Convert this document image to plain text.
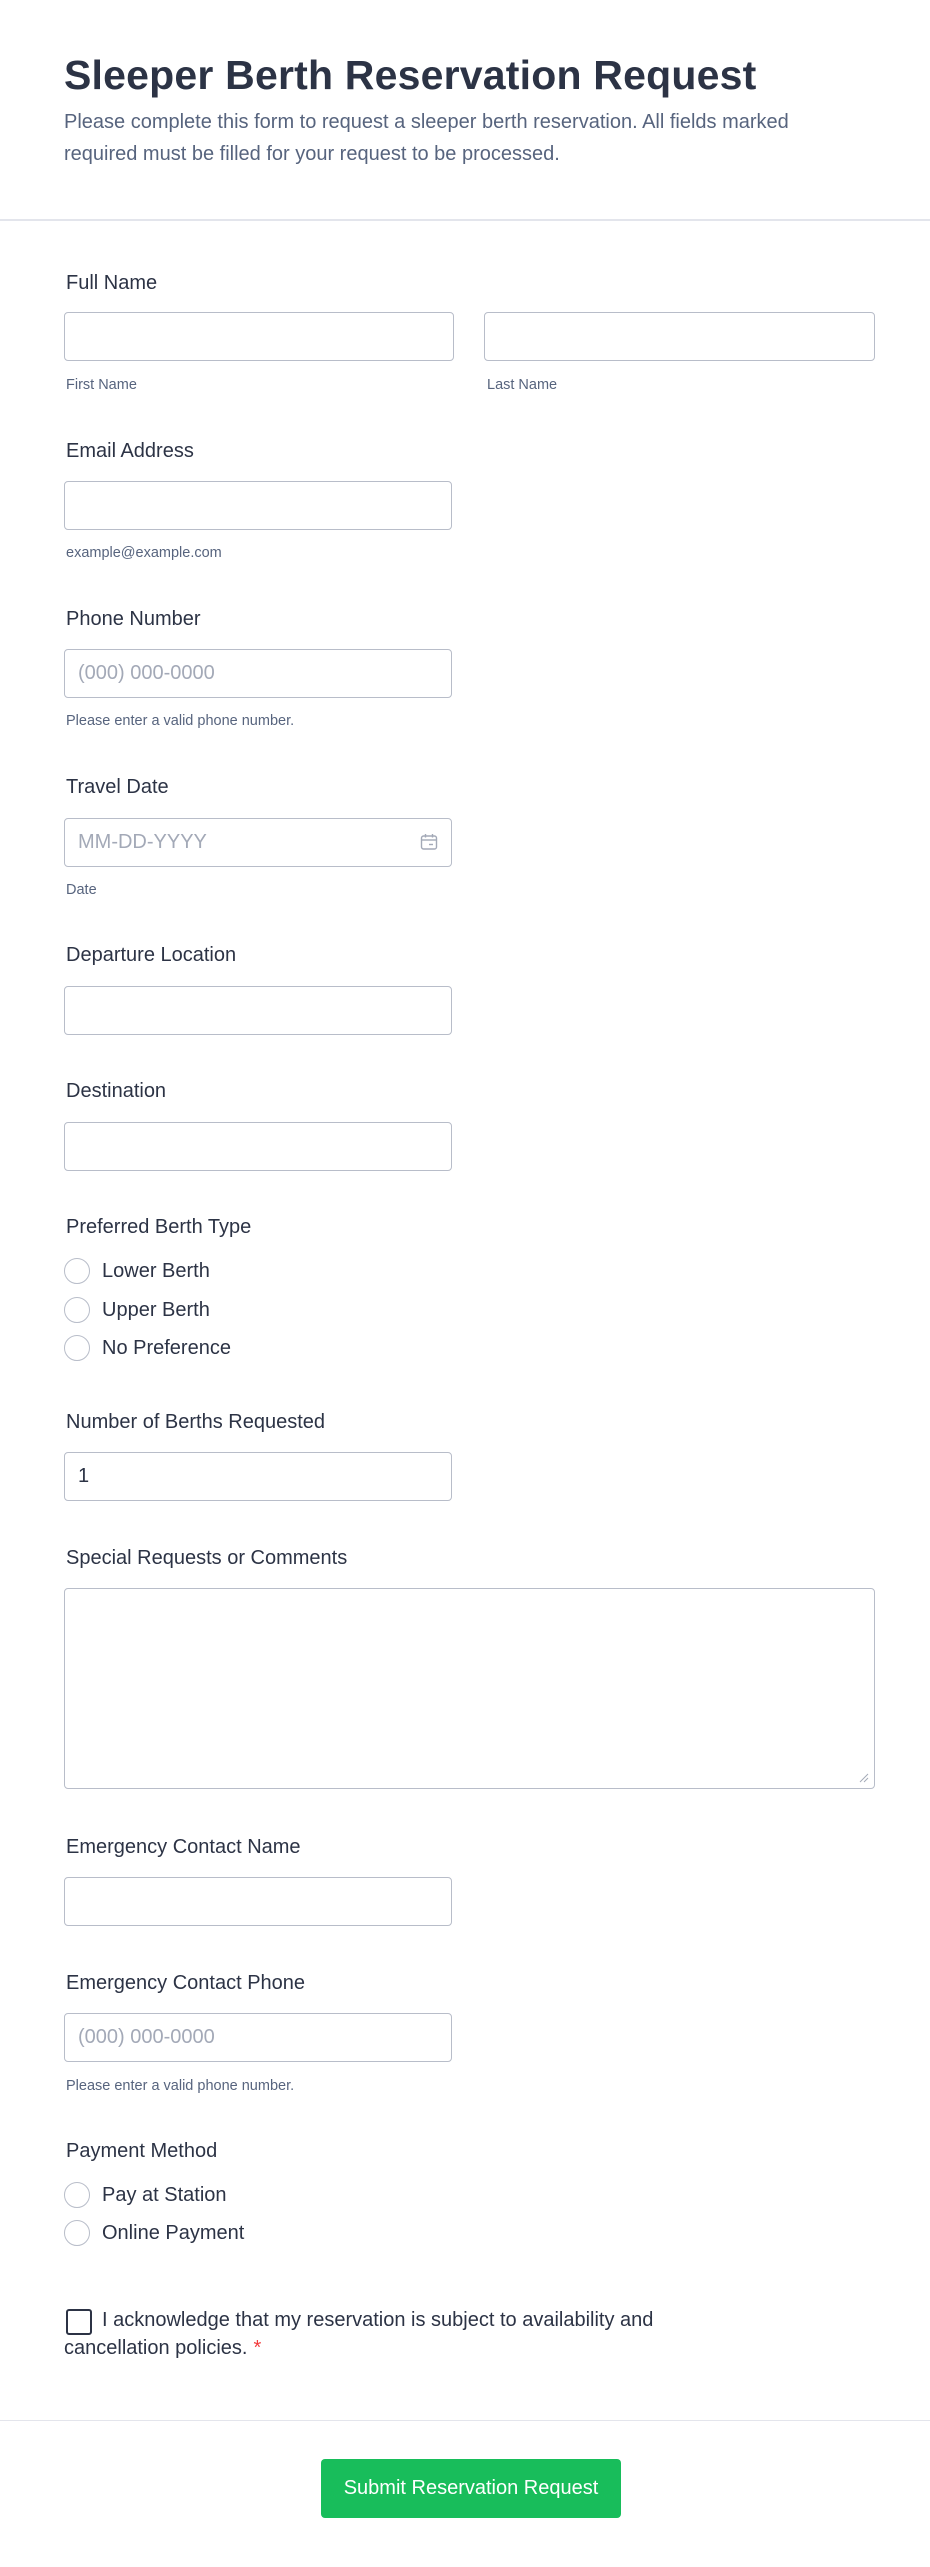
Sleeper Berth Reservation Request

Please complete this form to request a sleeper berth reservation. All fields marked required must be filled for your request to be processed.

Full Name
First Name	Last Name
Email Address
example@example.com
Phone Number
(000) 000-0000
Please enter a valid phone number.
Travel Date
MM-DD-YYYY
Date
Departure Location
Destination
Preferred Berth Type
Lower Berth
Upper Berth
No Preference
Number of Berths Requested
1
Special Requests or Comments
Emergency Contact Name
Emergency Contact Phone
(000) 000-0000
Please enter a valid phone number.
Payment Method
Pay at Station
Online Payment

I acknowledge that my reservation is subject to availability and cancellation policies. *

Submit Reservation Request
